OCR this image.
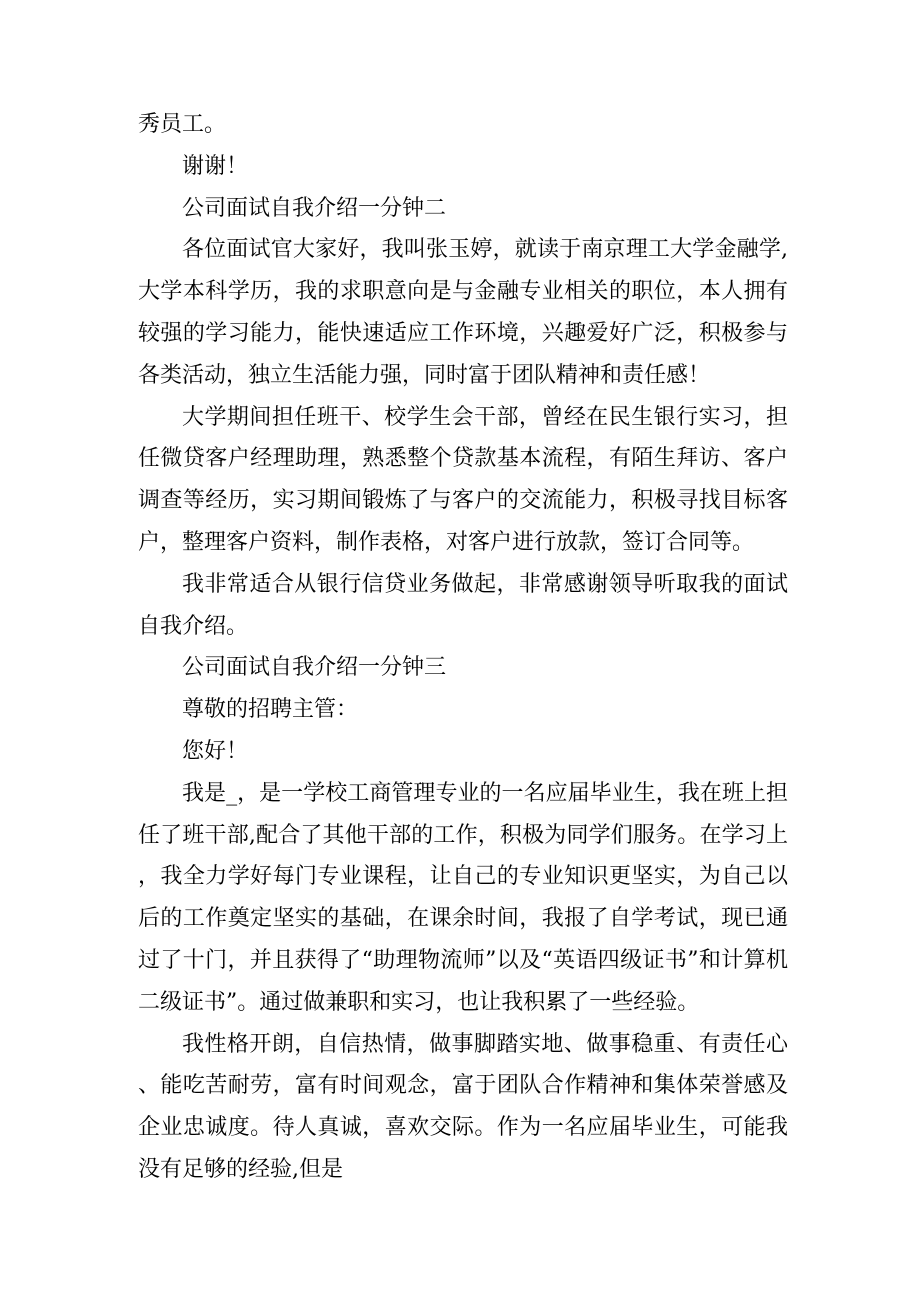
秀员工。

谢谢！

公司面试自我介绍一分钟二

各位面试官大家好，我叫张玉婷，就读于南京理工大学金融学,大学本科学历，我的求职意向是与金融专业相关的职位，本人拥有较强的学习能力，能快速适应工作环境，兴趣爱好广泛，积极参与各类活动，独立生活能力强，同时富于团队精神和责任感！

大学期间担任班干、校学生会干部，曾经在民生银行实习，担任微贷客户经理助理，熟悉整个贷款基本流程，有陌生拜访、客户调查等经历，实习期间锻炼了与客户的交流能力，积极寻找目标客户，整理客户资料，制作表格，对客户进行放款，签订合同等。

我非常适合从银行信贷业务做起，非常感谢领导听取我的面试自我介绍。

公司面试自我介绍一分钟三

尊敬的招聘主管：

您好！

我是_，是一学校工商管理专业的一名应届毕业生，我在班上担任了班干部,配合了其他干部的工作，积极为同学们服务。在学习上，我全力学好每门专业课程，让自己的专业知识更坚实，为自己以后的工作奠定坚实的基础，在课余时间，我报了自学考试，现已通过了十门，并且获得了“助理物流师”以及“英语四级证书”和计算机二级证书”。通过做兼职和实习，也让我积累了一些经验。

我性格开朗，自信热情，做事脚踏实地、做事稳重、有责任心、能吃苦耐劳，富有时间观念，富于团队合作精神和集体荣誉感及企业忠诚度。待人真诚，喜欢交际。作为一名应届毕业生，可能我没有足够的经验,但是
